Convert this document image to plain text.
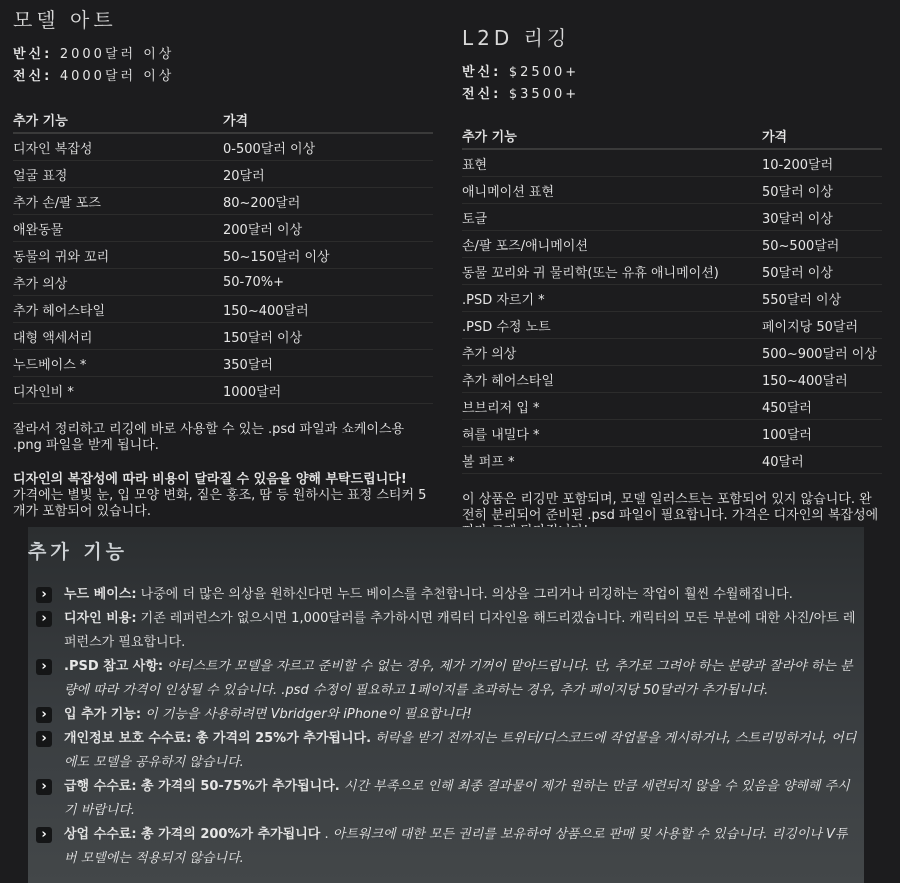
모델 아트

반신: 2000달러 이상

전신: 4000달러 이상

추가 기능	가격
디자인 복잡성	0-500달러 이상
얼굴 표정	20달러
추가 손/팔 포즈	80~200달러
애완동물	200달러 이상
동물의 귀와 꼬리	50~150달러 이상
추가 의상	50-70%+
추가 헤어스타일	150~400달러
대형 액세서리	150달러 이상
누드베이스 *	350달러
디자인비 *	1000달러

잘라서 정리하고 리깅에 바로 사용할 수 있는 .psd 파일과 쇼케이스용 .png 파일을 받게 됩니다.

디자인의 복잡성에 따라 비용이 달라질 수 있음을 양해 부탁드립니다!

가격에는 별빛 눈, 입 모양 변화, 짙은 홍조, 땀 등 원하시는 표정 스티커 5개가 포함되어 있습니다.

L2D 리깅

반신: $2500+

전신: $3500+

추가 기능	가격
표현	10-200달러
애니메이션 표현	50달러 이상
토글	30달러 이상
손/팔 포즈/애니메이션	50~500달러
동물 꼬리와 귀 물리학(또는 유휴 애니메이션)	50달러 이상
.PSD 자르기 *	550달러 이상
.PSD 수정 노트	페이지당 50달러
추가 의상	500~900달러 이상
추가 헤어스타일	150~400달러
브브리저 입 *	450달러
혀를 내밀다 *	100달러
볼 퍼프 *	40달러

이 상품은 리깅만 포함되며, 모델 일러스트는 포함되어 있지 않습니다. 완전히 분리되어 준비된 .psd 파일이 필요합니다. 가격은 디자인의 복잡성에

추가 기능
›	누드 베이스: 나중에 더 많은 의상을 원하신다면 누드 베이스를 추천합니다. 의상을 그리거나 리깅하는 작업이 훨씬 수월해집니다.
›	디자인 비용: 기존 레퍼런스가 없으시면 1,000달러를 추가하시면 캐릭터 디자인을 해드리겠습니다. 캐릭터의 모든 부분에 대한 사진/아트 레퍼런스가 필요합니다.
›	.PSD 참고 사항: 아티스트가 모델을 자르고 준비할 수 없는 경우, 제가 기꺼이 맡아드립니다. 단, 추가로 그려야 하는 분량과 잘라야 하는 분량에 따라 가격이 인상될 수 있습니다. .psd 수정이 필요하고 1페이지를 초과하는 경우, 추가 페이지당 50달러가 추가됩니다.
›	입 추가 기능: 이 기능을 사용하려면 Vbridger와 iPhone이 필요합니다!
›	개인정보 보호 수수료: 총 가격의 25%가 추가됩니다. 허락을 받기 전까지는 트위터/디스코드에 작업물을 게시하거나, 스트리밍하거나, 어디에도 모델을 공유하지 않습니다.
›	급행 수수료: 총 가격의 50-75%가 추가됩니다. 시간 부족으로 인해 최종 결과물이 제가 원하는 만큼 세련되지 않을 수 있음을 양해해 주시기 바랍니다.
›	상업 수수료: 총 가격의 200%가 추가됩니다 . 아트워크에 대한 모든 권리를 보유하여 상품으로 판매 및 사용할 수 있습니다. 리깅이나 V튜버 모델에는 적용되지 않습니다.
